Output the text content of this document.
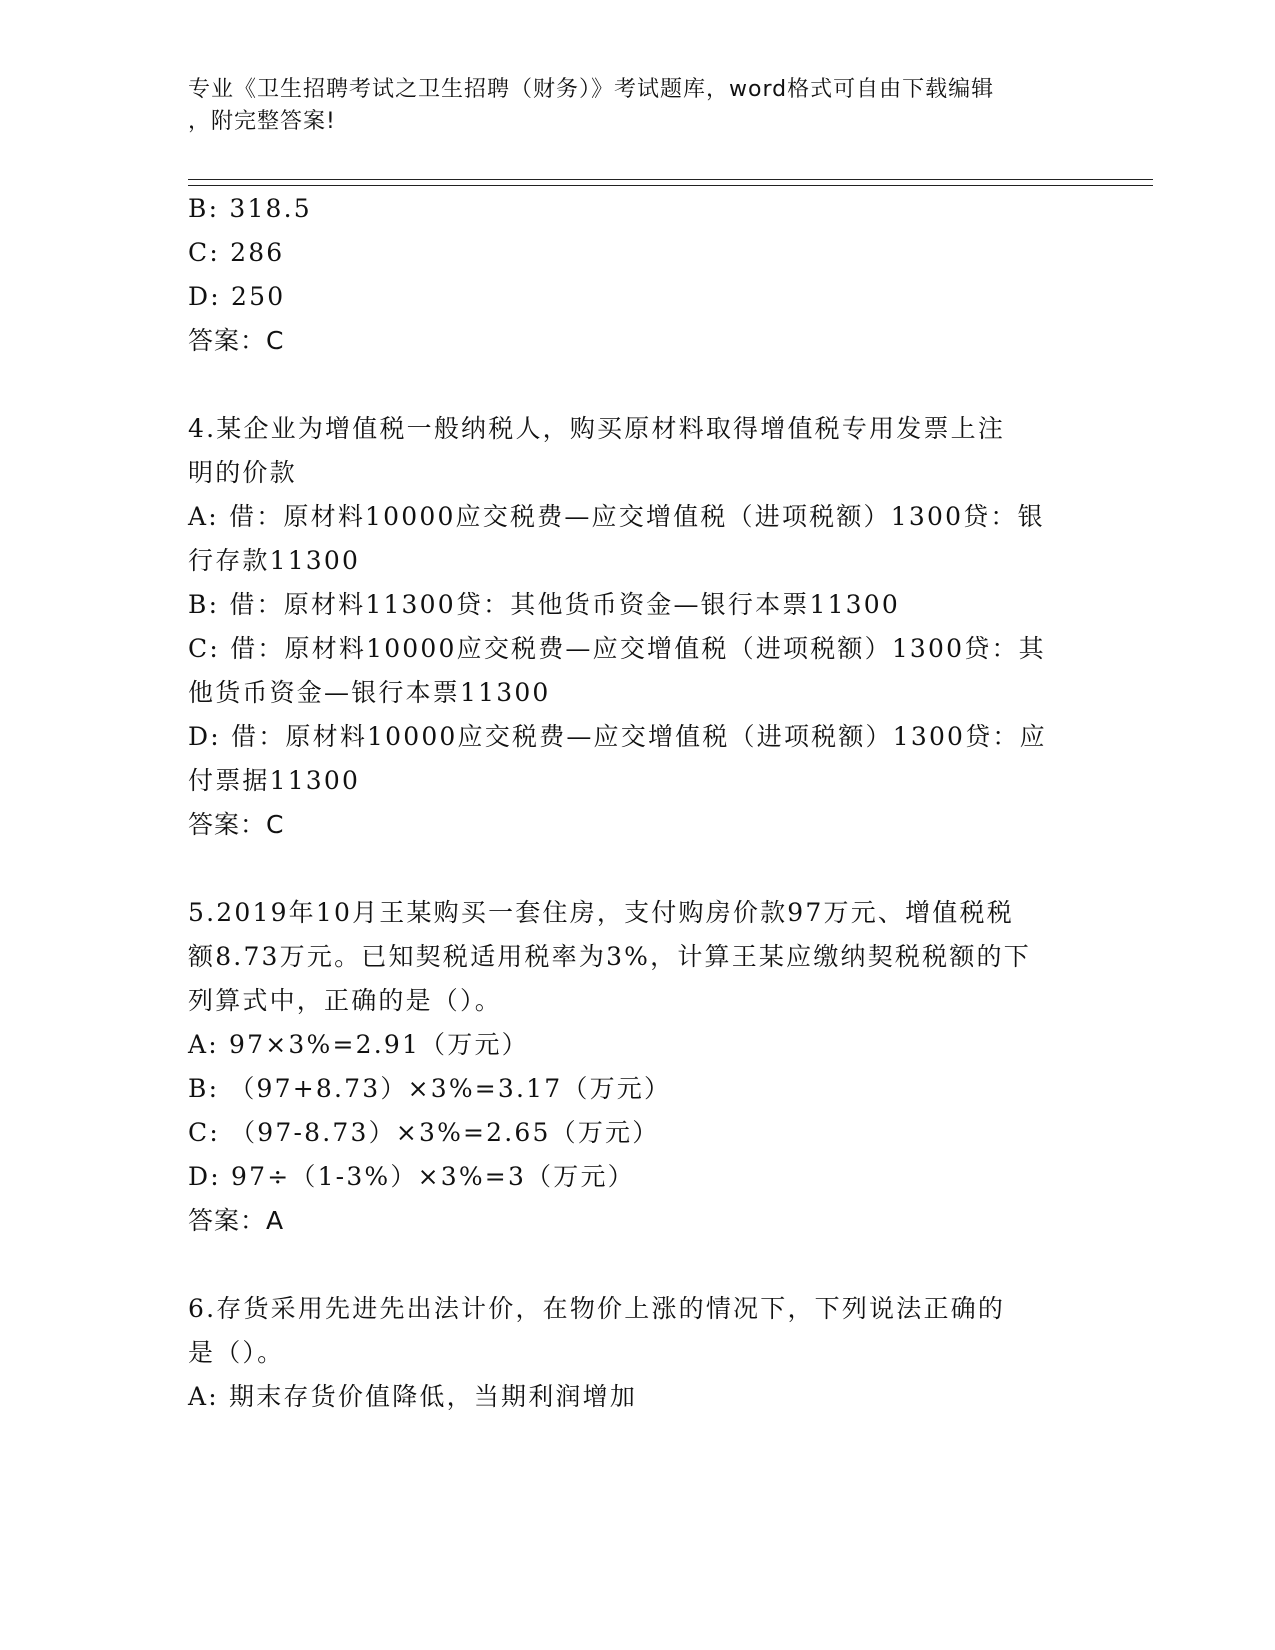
专业《卫生招聘考试之卫生招聘（财务）》考试题库，word格式可自由下载编辑
，附完整答案!
B: 318.5
C: 286
D: 250
答案：C
4.某企业为增值税一般纳税人，购买原材料取得增值税专用发票上注
明的价款
A: 借：原材料10000应交税费—应交增值税（进项税额）1300贷：银
行存款11300
B: 借：原材料11300贷：其他货币资金—银行本票11300
C: 借：原材料10000应交税费—应交增值税（进项税额）1300贷：其
他货币资金—银行本票11300
D: 借：原材料10000应交税费—应交增值税（进项税额）1300贷：应
付票据11300
答案：C
5.2019年10月王某购买一套住房，支付购房价款97万元、增值税税
额8.73万元。已知契税适用税率为3%，计算王某应缴纳契税税额的下
列算式中，正确的是（）。
A: 97×3%=2.91（万元）
B: （97+8.73）×3%=3.17（万元）
C: （97-8.73）×3%=2.65（万元）
D: 97÷（1-3%）×3%=3（万元）
答案：A
6.存货采用先进先出法计价，在物价上涨的情况下，下列说法正确的
是（）。
A: 期末存货价值降低，当期利润增加
